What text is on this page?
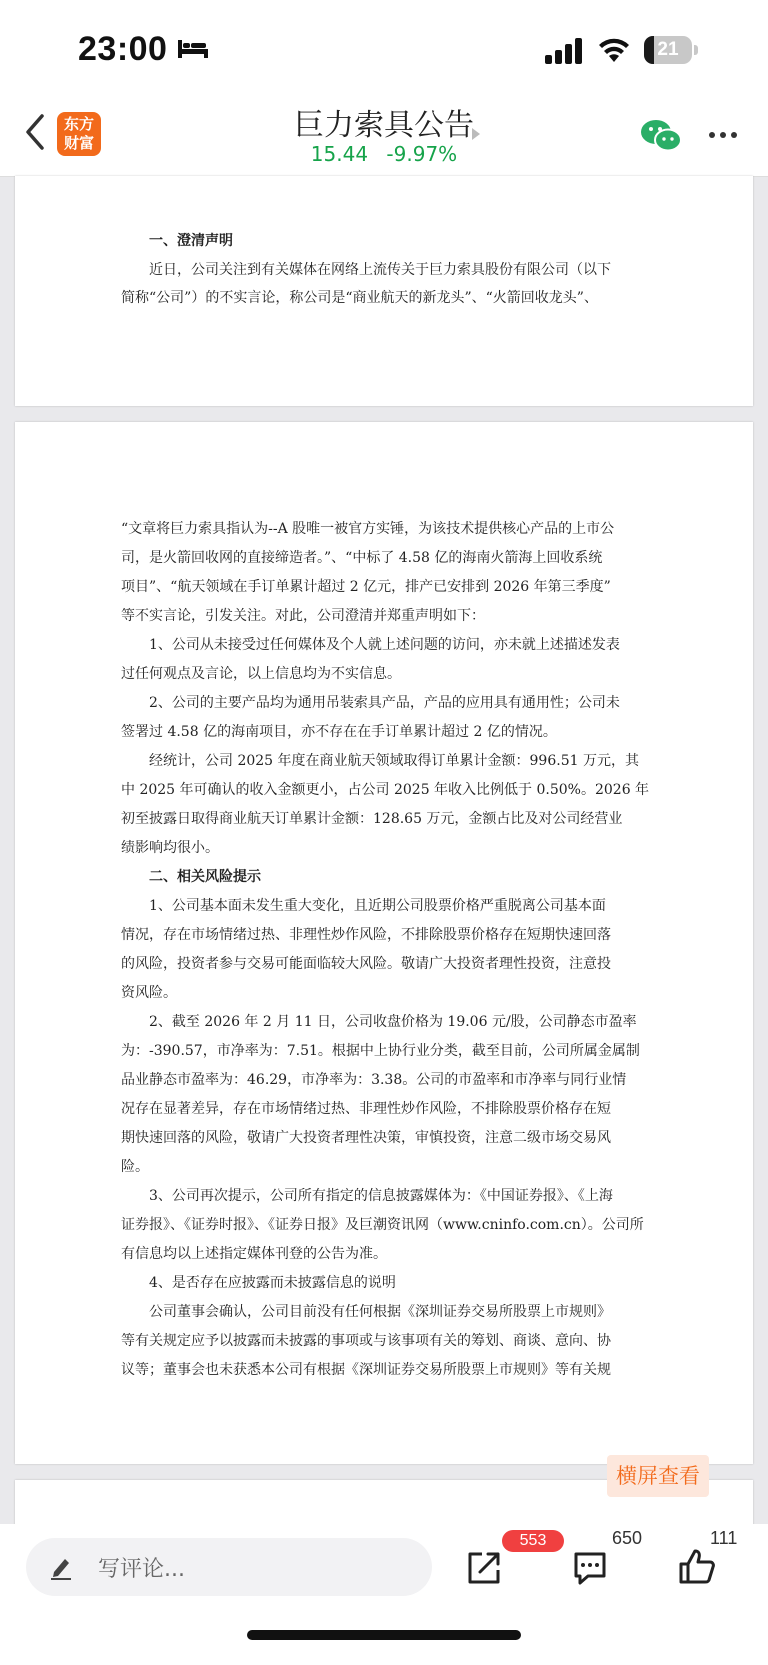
23:00	21
东方
财富	巨力索具公告
15.44 -9.97%
一、澄清声明
近日，公司关注到有关媒体在网络上流传关于巨力索具股份有限公司（以下
简称“公司”）的不实言论，称公司是“商业航天的新龙头”、“火箭回收龙头”、
“文章将巨力索具指认为--A 股唯一被官方实锤，为该技术提供核心产品的上市公
司，是火箭回收网的直接缔造者。”、“中标了 4.58 亿的海南火箭海上回收系统
项目”、“航天领域在手订单累计超过 2 亿元，排产已安排到 2026 年第三季度”
等不实言论，引发关注。对此，公司澄清并郑重声明如下：
1、公司从未接受过任何媒体及个人就上述问题的访问，亦未就上述描述发表
过任何观点及言论，以上信息均为不实信息。
2、公司的主要产品均为通用吊装索具产品，产品的应用具有通用性；公司未
签署过 4.58 亿的海南项目，亦不存在在手订单累计超过 2 亿的情况。
经统计，公司 2025 年度在商业航天领域取得订单累计金额：996.51 万元，其
中 2025 年可确认的收入金额更小，占公司 2025 年收入比例低于 0.50%。2026 年
初至披露日取得商业航天订单累计金额：128.65 万元，金额占比及对公司经营业
绩影响均很小。
二、相关风险提示
1、公司基本面未发生重大变化，且近期公司股票价格严重脱离公司基本面
情况，存在市场情绪过热、非理性炒作风险，不排除股票价格存在短期快速回落
的风险，投资者参与交易可能面临较大风险。敬请广大投资者理性投资，注意投
资风险。
2、截至 2026 年 2 月 11 日，公司收盘价格为 19.06 元/股，公司静态市盈率
为：-390.57，市净率为：7.51。根据中上协行业分类，截至目前，公司所属金属制
品业静态市盈率为：46.29，市净率为：3.38。公司的市盈率和市净率与同行业情
况存在显著差异，存在市场情绪过热、非理性炒作风险，不排除股票价格存在短
期快速回落的风险，敬请广大投资者理性决策，审慎投资，注意二级市场交易风
险。
3、公司再次提示，公司所有指定的信息披露媒体为：《中国证券报》、《上海
证券报》、《证券时报》、《证券日报》及巨潮资讯网（www.cninfo.com.cn）。公司所
有信息均以上述指定媒体刊登的公告为准。
4、是否存在应披露而未披露信息的说明
公司董事会确认，公司目前没有任何根据《深圳证券交易所股票上市规则》
等有关规定应予以披露而未披露的事项或与该事项有关的筹划、商谈、意向、协
议等；董事会也未获悉本公司有根据《深圳证券交易所股票上市规则》等有关规
横屏查看
写评论...
553	650	111
